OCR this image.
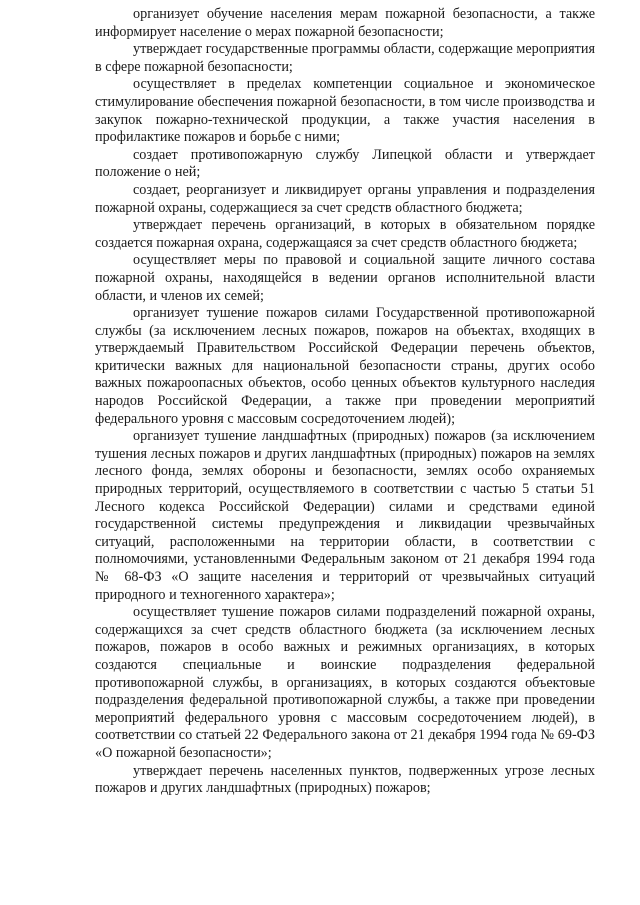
организует обучение населения мерам пожарной безопасности, а также информирует население о мерах пожарной безопасности;

утверждает государственные программы области, содержащие мероприятия в сфере пожарной безопасности;

осуществляет в пределах компетенции социальное и экономическое стимулирование обеспечения пожарной безопасности, в том числе производства и закупок пожарно-технической продукции, а также участия населения в профилактике пожаров и борьбе с ними;

создает противопожарную службу Липецкой области и утверждает положение о ней;

создает, реорганизует и ликвидирует органы управления и подразделения пожарной охраны, содержащиеся за счет средств областного бюджета;

утверждает перечень организаций, в которых в обязательном порядке создается пожарная охрана, содержащаяся за счет средств областного бюджета;

осуществляет меры по правовой и социальной защите личного состава пожарной охраны, находящейся в ведении органов исполнительной власти области, и членов их семей;

организует тушение пожаров силами Государственной противопожарной службы (за исключением лесных пожаров, пожаров на объектах, входящих в утверждаемый Правительством Российской Федерации перечень объектов, критически важных для национальной безопасности страны, других особо важных пожароопасных объектов, особо ценных объектов культурного наследия народов Российской Федерации, а также при проведении мероприятий федерального уровня с массовым сосредоточением людей);

организует тушение ландшафтных (природных) пожаров (за исключением тушения лесных пожаров и других ландшафтных (природных) пожаров на землях лесного фонда, землях обороны и безопасности, землях особо охраняемых природных территорий, осуществляемого в соответствии с частью 5 статьи 51 Лесного кодекса Российской Федерации) силами и средствами единой государственной системы предупреждения и ликвидации чрезвычайных ситуаций, расположенными на территории области, в соответствии с полномочиями, установленными Федеральным законом от 21 декабря 1994 года № 68-ФЗ «О защите населения и территорий от чрезвычайных ситуаций природного и техногенного характера»;

осуществляет тушение пожаров силами подразделений пожарной охраны, содержащихся за счет средств областного бюджета (за исключением лесных пожаров, пожаров в особо важных и режимных организациях, в которых создаются специальные и воинские подразделения федеральной противопожарной службы, в организациях, в которых создаются объектовые подразделения федеральной противопожарной службы, а также при проведении мероприятий федерального уровня с массовым сосредоточением людей), в соответствии со статьей 22 Федерального закона от 21 декабря 1994 года № 69-ФЗ «О пожарной безопасности»;

утверждает перечень населенных пунктов, подверженных угрозе лесных пожаров и других ландшафтных (природных) пожаров;
